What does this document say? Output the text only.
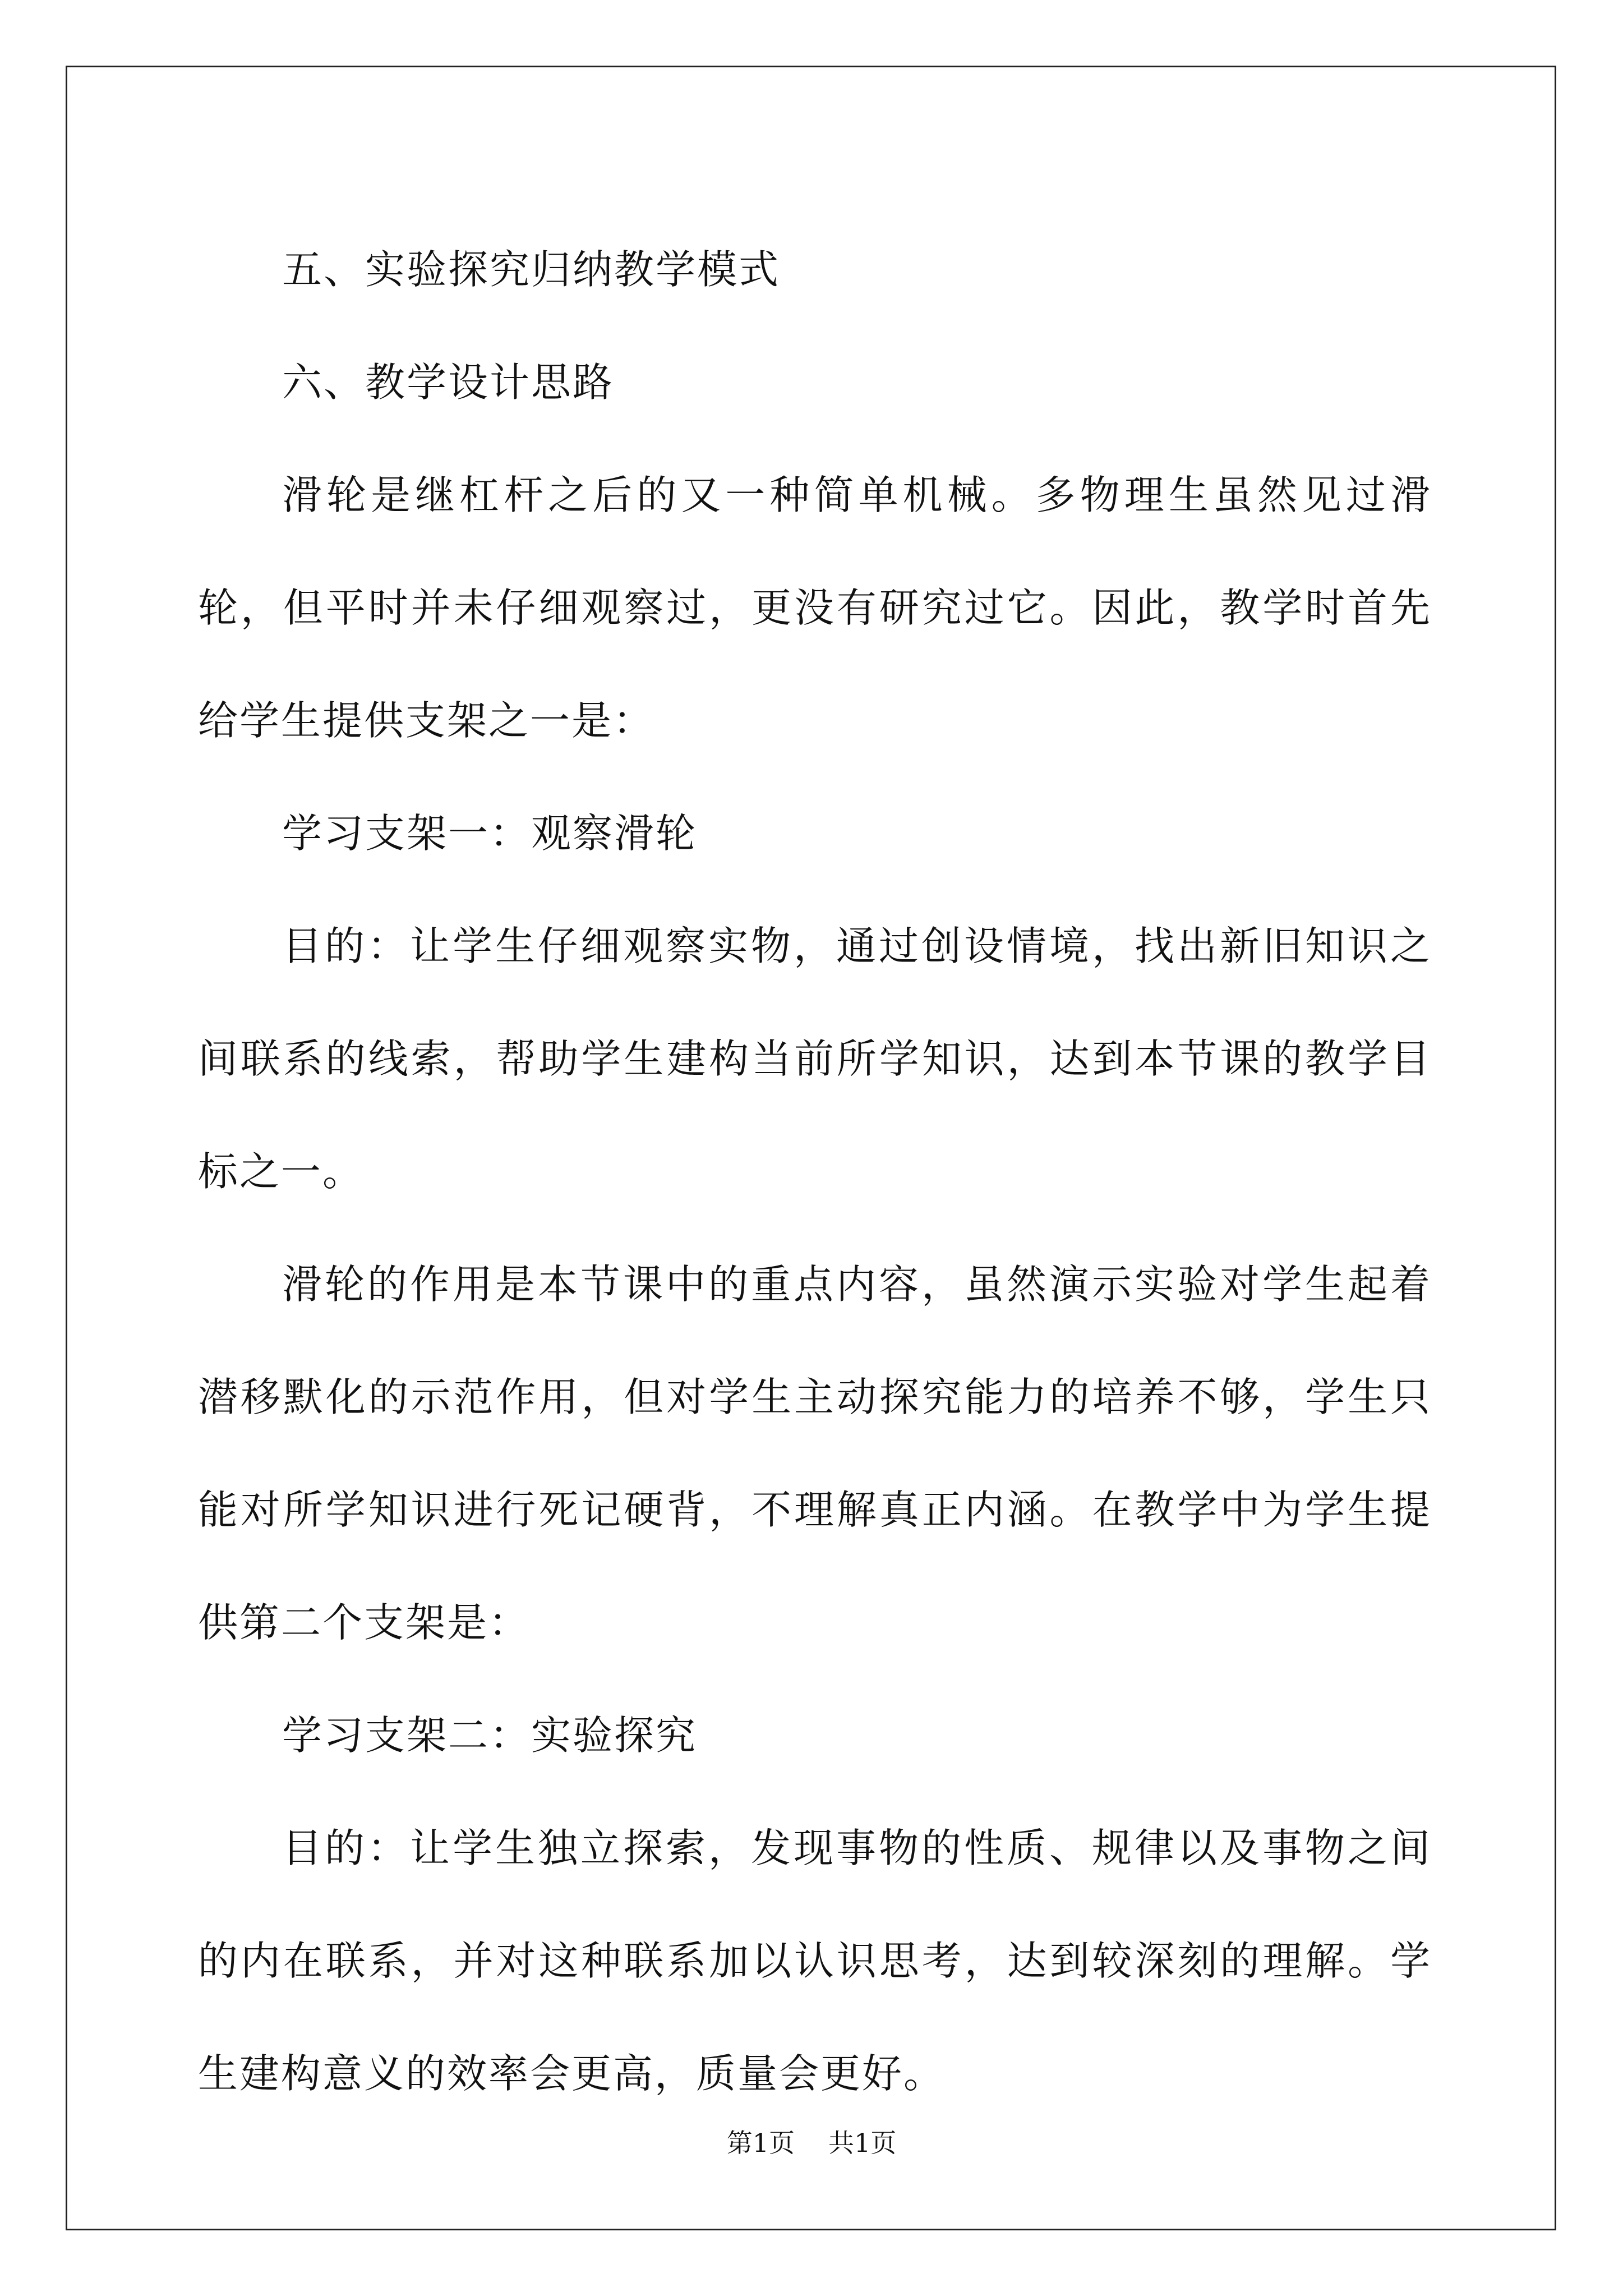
五、实验探究归纳教学模式

六、教学设计思路

滑轮是继杠杆之后的又一种简单机械。多物理生虽然见过滑轮，但平时并未仔细观察过，更没有研究过它。因此，教学时首先给学生提供支架之一是：

学习支架一：观察滑轮

目的：让学生仔细观察实物，通过创设情境，找出新旧知识之间联系的线索，帮助学生建构当前所学知识，达到本节课的教学目标之一。

滑轮的作用是本节课中的重点内容，虽然演示实验对学生起着潜移默化的示范作用，但对学生主动探究能力的培养不够，学生只能对所学知识进行死记硬背，不理解真正内涵。在教学中为学生提供第二个支架是：

学习支架二：实验探究

目的：让学生独立探索，发现事物的性质、规律以及事物之间的内在联系，并对这种联系加以认识思考，达到较深刻的理解。学生建构意义的效率会更高，质量会更好。

第1页 共1页
